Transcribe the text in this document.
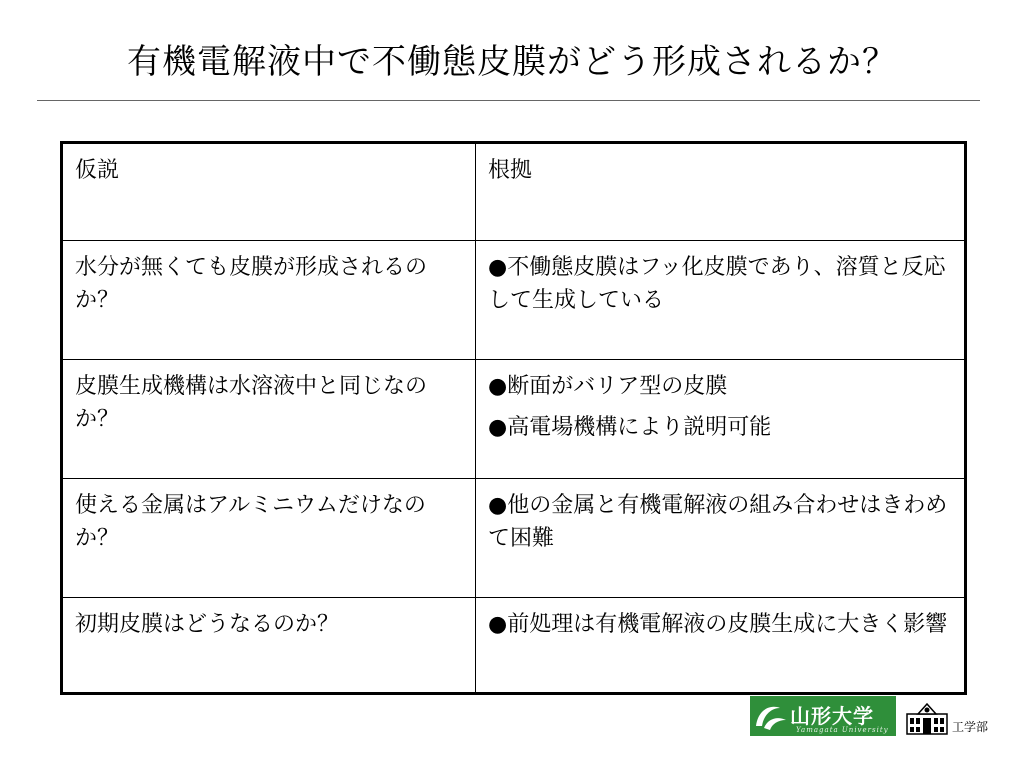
有機電解液中で不働態皮膜がどう形成されるか？
仮説	根拠
水分が無くても皮膜が形成されるのか？	●不働態皮膜はフッ化皮膜であり、溶質と反応して生成している

皮膜生成機構は水溶液中と同じなのか？	●断面がバリア型の皮膜
●高電場機構により説明可能

使える金属はアルミニウムだけなのか？	●他の金属と有機電解液の組み合わせはきわめて困難

初期皮膜はどうなるのか？	●前処理は有機電解液の皮膜生成に大きく影響
山形大学
Yamagata University	工学部
